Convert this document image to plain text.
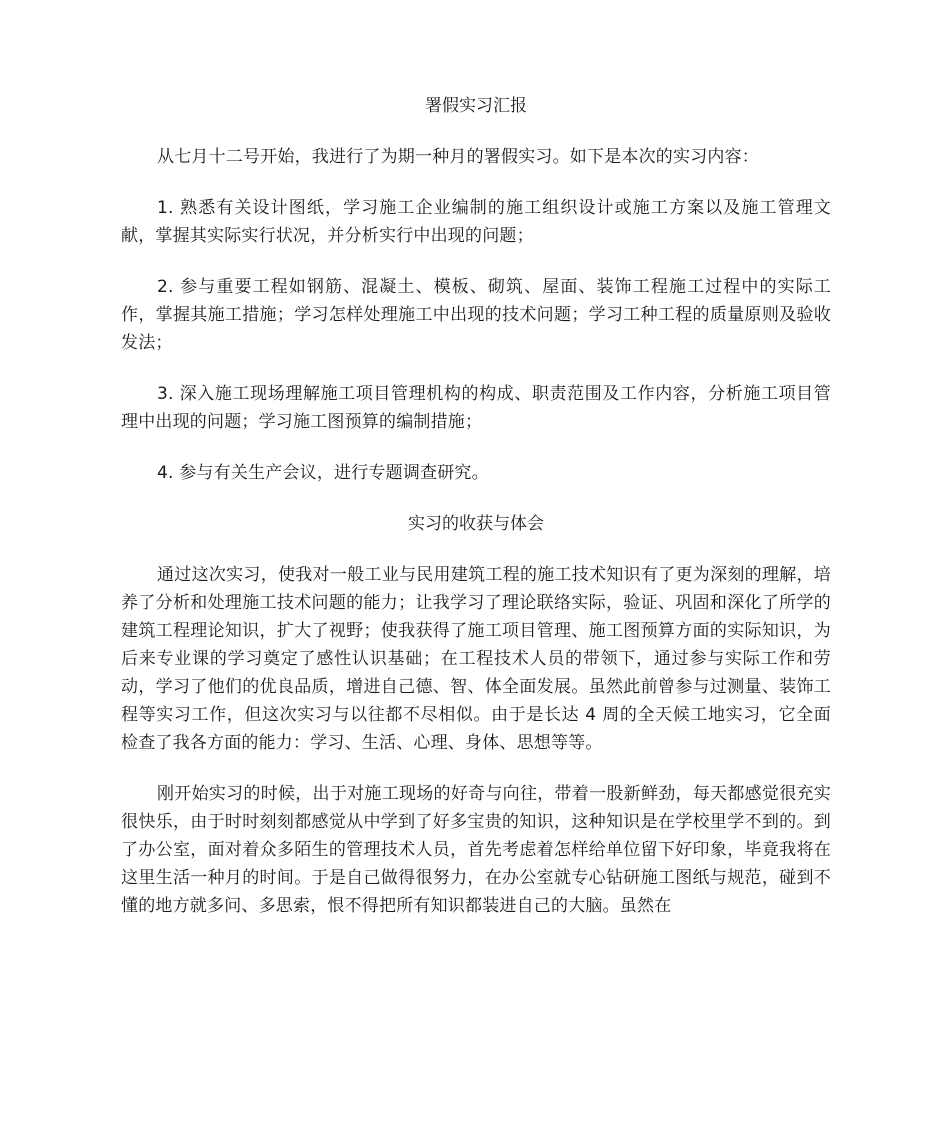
署假实习汇报

从七月十二号开始，我进行了为期一种月的署假实习。如下是本次的实习内容：

1. 熟悉有关设计图纸，学习施工企业编制的施工组织设计或施工方案以及施工管理文献，掌握其实际实行状况，并分析实行中出现的问题；

2. 参与重要工程如钢筋、混凝土、模板、砌筑、屋面、装饰工程施工过程中的实际工作，掌握其施工措施；学习怎样处理施工中出现的技术问题；学习工种工程的质量原则及验收发法；

3. 深入施工现场理解施工项目管理机构的构成、职责范围及工作内容，分析施工项目管理中出现的问题；学习施工图预算的编制措施；

4. 参与有关生产会议，进行专题调查研究。

实习的收获与体会

通过这次实习，使我对一般工业与民用建筑工程的施工技术知识有了更为深刻的理解，培养了分析和处理施工技术问题的能力；让我学习了理论联络实际，验证、巩固和深化了所学的建筑工程理论知识，扩大了视野；使我获得了施工项目管理、施工图预算方面的实际知识，为后来专业课的学习奠定了感性认识基础；在工程技术人员的带领下，通过参与实际工作和劳动，学习了他们的优良品质，增进自己德、智、体全面发展。虽然此前曾参与过测量、装饰工程等实习工作，但这次实习与以往都不尽相似。由于是长达 4 周的全天候工地实习，它全面检查了我各方面的能力：学习、生活、心理、身体、思想等等。

刚开始实习的时候，出于对施工现场的好奇与向往，带着一股新鲜劲，每天都感觉很充实很快乐，由于时时刻刻都感觉从中学到了好多宝贵的知识，这种知识是在学校里学不到的。到了办公室，面对着众多陌生的管理技术人员，首先考虑着怎样给单位留下好印象，毕竟我将在这里生活一种月的时间。于是自己做得很努力，在办公室就专心钻研施工图纸与规范，碰到不懂的地方就多问、多思索，恨不得把所有知识都装进自己的大脑。虽然在
